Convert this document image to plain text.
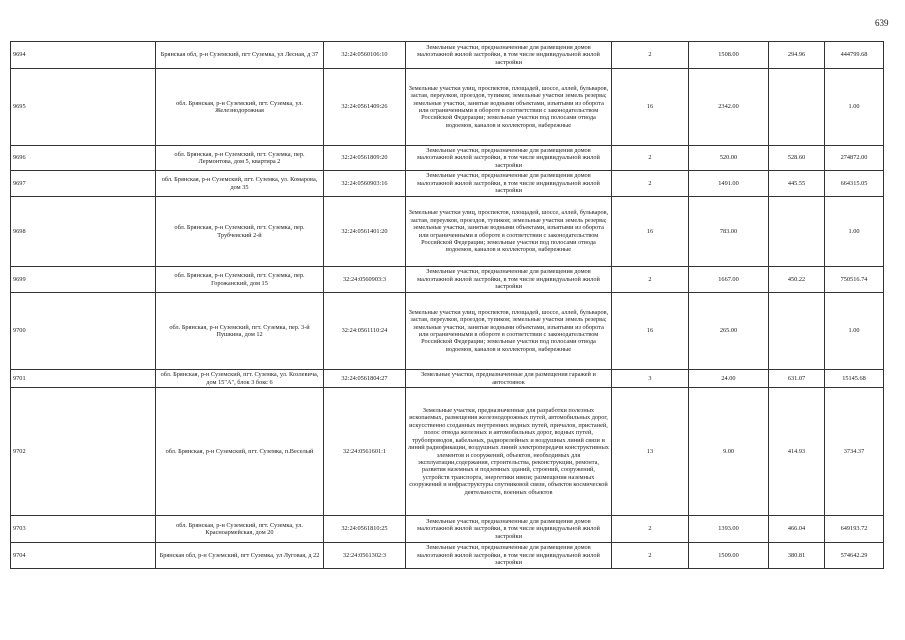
639
9694	Брянская обл, р-н Суземский, пгт Суземка, ул Лесная, д 37	32:24:0560106:10	Земельные участки, предназначенные для размещения домов малоэтажной жилой застройки, в том числе индивидуальной жилой застройки	2	1508.00	294.96	444799.68
9695	обл. Брянская, р-н Суземский, пгт. Суземка, ул. Железнодорожная	32:24:0561409:26	Земельные участки улиц, проспектов, площадей, шоссе, аллей, бульваров, застав, переулков, проездов, тупиков; земельные участки земель резерва; земельные участки, занятые водными объектами, изъятыми из оборота или ограниченными в обороте в соответствии с законодательством Российской Федерации; земельные участки под полосами отвода водоемов, каналов и коллекторов, набережные	16	2342.00		1.00
9696	обл. Брянская, р-н Суземский, пгт. Суземка, пер. Лермонтова, дом 5, квартира 2	32:24:0561809:20	Земельные участки, предназначенные для размещения домов малоэтажной жилой застройки, в том числе индивидуальной жилой застройки	2	520.00	528.60	274872.00
9697	обл. Брянская, р-н Суземский, пгт. Суземка, ул. Комарова, дом 35	32:24:0560903:16	Земельные участки, предназначенные для размещения домов малоэтажной жилой застройки, в том числе индивидуальной жилой застройки	2	1491.00	445.55	664315.05
9698	обл. Брянская, р-н Суземский, пгт. Суземка, пер. Трубчевский 2-й	32:24:0561401:20	Земельные участки улиц, проспектов, площадей, шоссе, аллей, бульваров, застав, переулков, проездов, тупиков; земельные участки земель резерва; земельные участки, занятые водными объектами, изъятыми из оборота или ограниченными в обороте в соответствии с законодательством Российской Федерации; земельные участки под полосами отвода водоемов, каналов и коллекторов, набережные	16	783.00		1.00
9699	обл. Брянская, р-н Суземский, пгт. Суземка, пер. Горожанский, дом 15	32:24:0560903:3	Земельные участки, предназначенные для размещения домов малоэтажной жилой застройки, в том числе индивидуальной жилой застройки	2	1667.00	450.22	750516.74
9700	обл. Брянская, р-н Суземский, пгт. Суземка, пер. 3-й Пушкина, дом 12	32:24:0561110:24	Земельные участки улиц, проспектов, площадей, шоссе, аллей, бульваров, застав, переулков, проездов, тупиков; земельные участки земель резерва; земельные участки, занятые водными объектами, изъятыми из оборота или ограниченными в обороте в соответствии с законодательством Российской Федерации; земельные участки под полосами отвода водоемов, каналов и коллекторов, набережные	16	265.00		1.00
9701	обл. Брянская, р-н Суземский, пгт. Суземка, ул. Козлевича, дом 15"А", блок 3 бокс 6	32:24:0561804:27	Земельные участки, предназначенные для размещения гаражей и автостоянок	3	24.00	631.07	15145.68
9702	обл. Брянская, р-н Суземский, пгт. Суземка, п.Веселый	32:24:0561601:1	Земельные участки, предназначенные для разработки полезных ископаемых, размещения железнодорожных путей, автомобильных дорог, искусственно созданных внутренних водных путей, причалов, пристаней, полос отвода железных и автомобильных дорог, водных путей, трубопроводов, кабельных, радиорелейных и воздушных линий связи и линий радиофикации, воздушных линий электропередачи конструктивных элементов и сооружений, объектов, необходимых для эксплуатации,содержания, строительства, реконструкции, ремонта, развития наземных и подземных зданий, строений, сооружений, устройств транспорта, энергетики ивязи; размещения наземных сооружений и инфраструктуры спутниковой связи, объектов космической деятельности, военных объектов	13	9.00	414.93	3734.37
9703	обл. Брянская, р-н Суземский, пгт. Суземка, ул. Красноармейская, дом 20	32:24:0561810:25	Земельные участки, предназначенные для размещения домов малоэтажной жилой застройки, в том числе индивидуальной жилой застройки	2	1393.00	466.04	649193.72
9704	Брянская обл, р-н Суземский, пгт Суземка, ул Луговая, д 22	32:24:0561302:3	Земельные участки, предназначенные для размещения домов малоэтажной жилой застройки, в том числе индивидуальной жилой застройки	2	1509.00	380.81	574642.29
